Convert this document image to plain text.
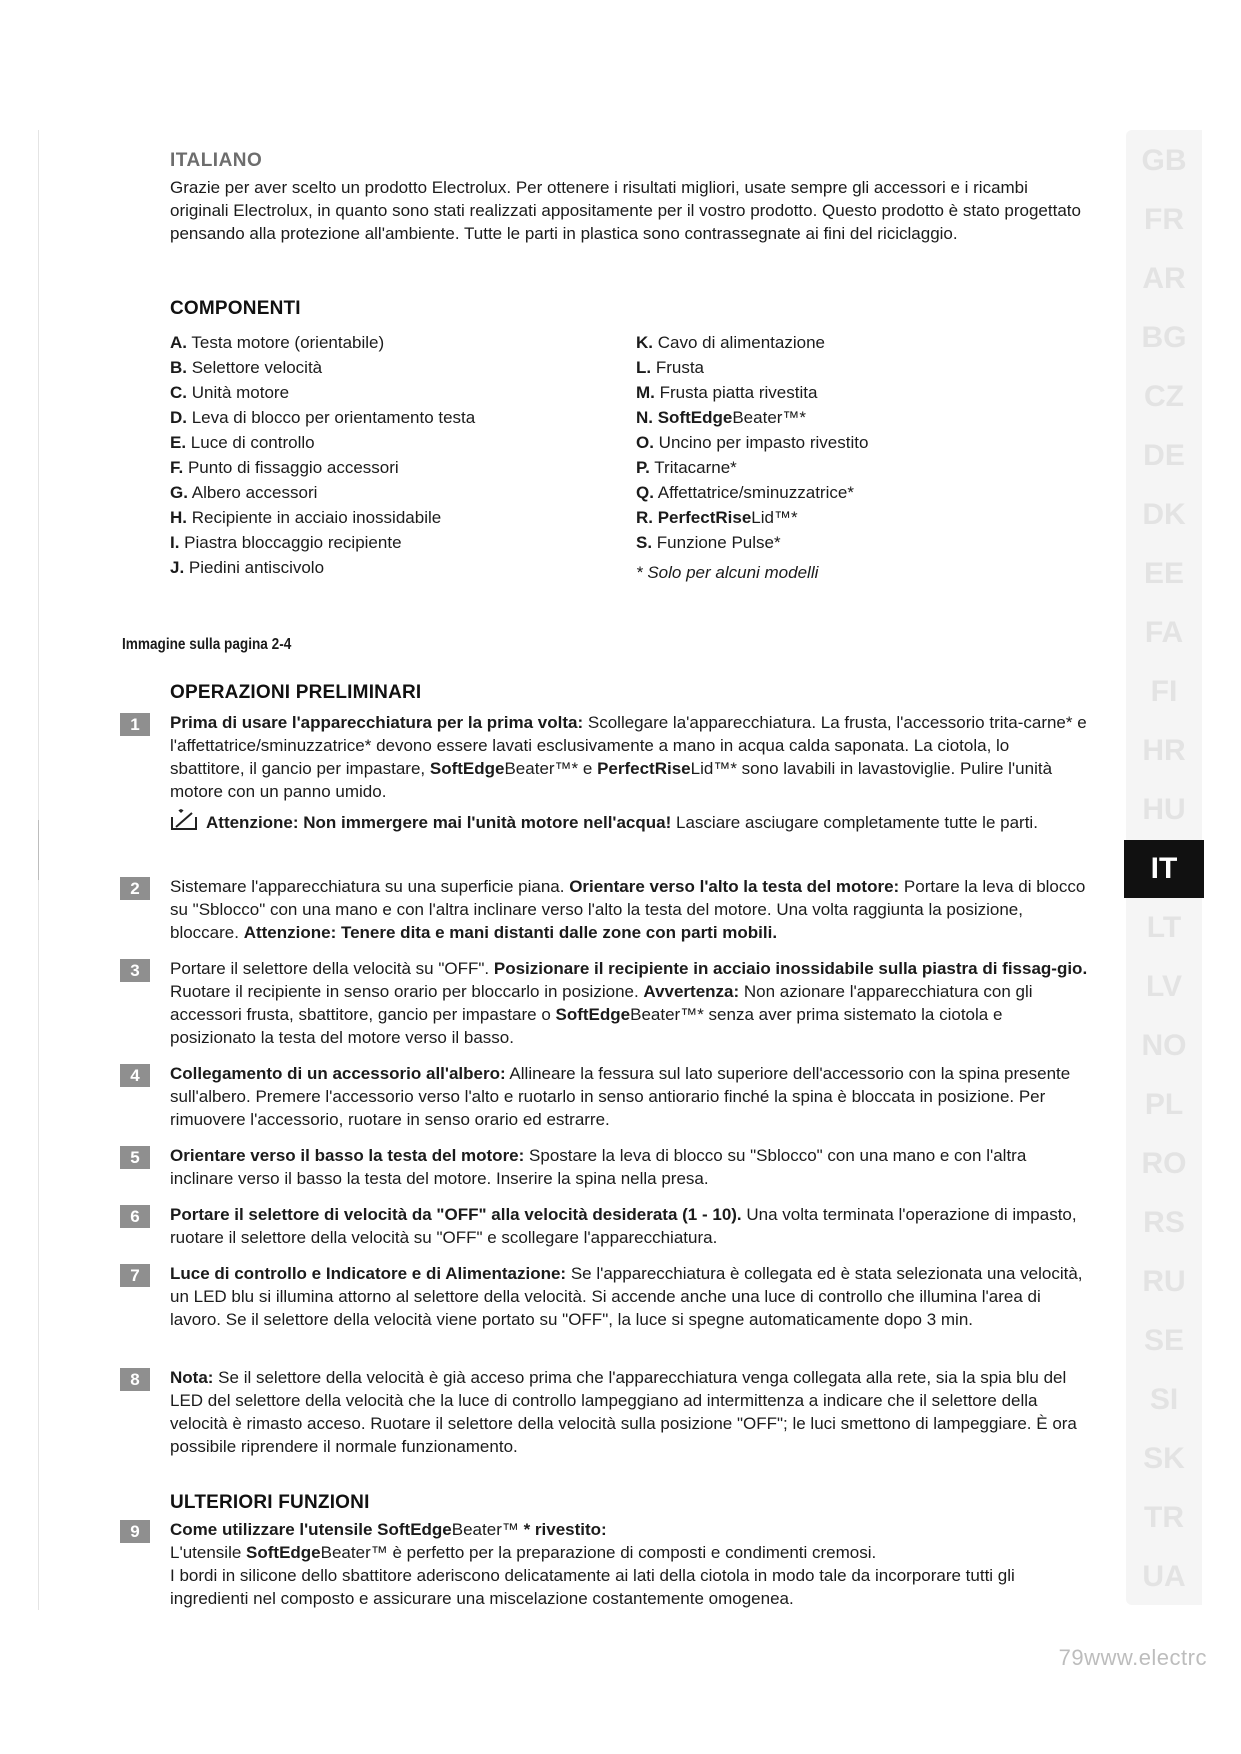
ITALIANO
Grazie per aver scelto un prodotto Electrolux. Per ottenere i risultati migliori, usate sempre gli accessori e i ricambi originali Electrolux, in quanto sono stati realizzati appositamente per il vostro prodotto. Questo prodotto è stato progettato pensando alla protezione all'ambiente. Tutte le parti in plastica sono contrassegnate ai fini del riciclaggio.
COMPONENTI
A. Testa motore (orientabile)
B. Selettore velocità
C. Unità motore
D. Leva di blocco per orientamento testa
E. Luce di controllo
F. Punto di fissaggio accessori
G. Albero accessori
H. Recipiente in acciaio inossidabile
I. Piastra bloccaggio recipiente
J. Piedini antiscivolo
K. Cavo di alimentazione
L. Frusta
M. Frusta piatta rivestita
N. SoftEdgeBeater™*
O. Uncino per impasto rivestito
P. Tritacarne*
Q. Affettatrice/sminuzzatrice*
R. PerfectRiseLid™*
S. Funzione Pulse*
* Solo per alcuni modelli
Immagine sulla pagina 2-4
OPERAZIONI PRELIMINARI
1	Prima di usare l'apparecchiatura per la prima volta: Scollegare la'apparecchiatura. La frusta, l'accessorio trita-carne* e l'affettatrice/sminuzzatrice* devono essere lavati esclusivamente a mano in acqua calda saponata. La ciotola, lo sbattitore, il gancio per impastare, SoftEdgeBeater™* e PerfectRiseLid™* sono lavabili in lavastoviglie. Pulire l'unità motore con un panno umido.

Attenzione: Non immergere mai l'unità motore nell'acqua! Lasciare asciugare completamente tutte le parti.
2	Sistemare l'apparecchiatura su una superficie piana. Orientare verso l'alto la testa del motore: Portare la leva di blocco su "Sblocco" con una mano e con l'altra inclinare verso l'alto la testa del motore. Una volta raggiunta la posizione, bloccare. Attenzione: Tenere dita e mani distanti dalle zone con parti mobili.
3	Portare il selettore della velocità su "OFF". Posizionare il recipiente in acciaio inossidabile sulla piastra di fissag-gio. Ruotare il recipiente in senso orario per bloccarlo in posizione. Avvertenza: Non azionare l'apparecchiatura con gli accessori frusta, sbattitore, gancio per impastare o SoftEdgeBeater™* senza aver prima sistemato la ciotola e posizionato la testa del motore verso il basso.
4	Collegamento di un accessorio all'albero: Allineare la fessura sul lato superiore dell'accessorio con la spina presente sull'albero. Premere l'accessorio verso l'alto e ruotarlo in senso antiorario finché la spina è bloccata in posizione. Per rimuovere l'accessorio, ruotare in senso orario ed estrarre.
5	Orientare verso il basso la testa del motore: Spostare la leva di blocco su "Sblocco" con una mano e con l'altra inclinare verso il basso la testa del motore. Inserire la spina nella presa.
6	Portare il selettore di velocità da "OFF" alla velocità desiderata (1 - 10). Una volta terminata l'operazione di impasto, ruotare il selettore della velocità su "OFF" e scollegare l'apparecchiatura.
7	Luce di controllo e Indicatore e di Alimentazione: Se l'apparecchiatura è collegata ed è stata selezionata una velocità, un LED blu si illumina attorno al selettore della velocità. Si accende anche una luce di controllo che illumina l'area di lavoro. Se il selettore della velocità viene portato su "OFF", la luce si spegne automaticamente dopo 3 min.
8	Nota: Se il selettore della velocità è già acceso prima che l'apparecchiatura venga collegata alla rete, sia la spia blu del LED del selettore della velocità che la luce di controllo lampeggiano ad intermittenza a indicare che il selettore della velocità è rimasto acceso. Ruotare il selettore della velocità sulla posizione "OFF"; le luci smettono di lampeggiare. È ora possibile riprendere il normale funzionamento.
ULTERIORI FUNZIONI
9	Come utilizzare l'utensile SoftEdgeBeater™ * rivestito:
L'utensile SoftEdgeBeater™ è perfetto per la preparazione di composti e condimenti cremosi.
I bordi in silicone dello sbattitore aderiscono delicatamente ai lati della ciotola in modo tale da incorporare tutti gli ingredienti nel composto e assicurare una miscelazione costantemente omogenea.
GB
FR
AR
BG
CZ
DE
DK
EE
FA
FI
HR
HU
IT
LT
LV
NO
PL
RO
RS
RU
SE
SI
SK
TR
UA
79www.electrc
